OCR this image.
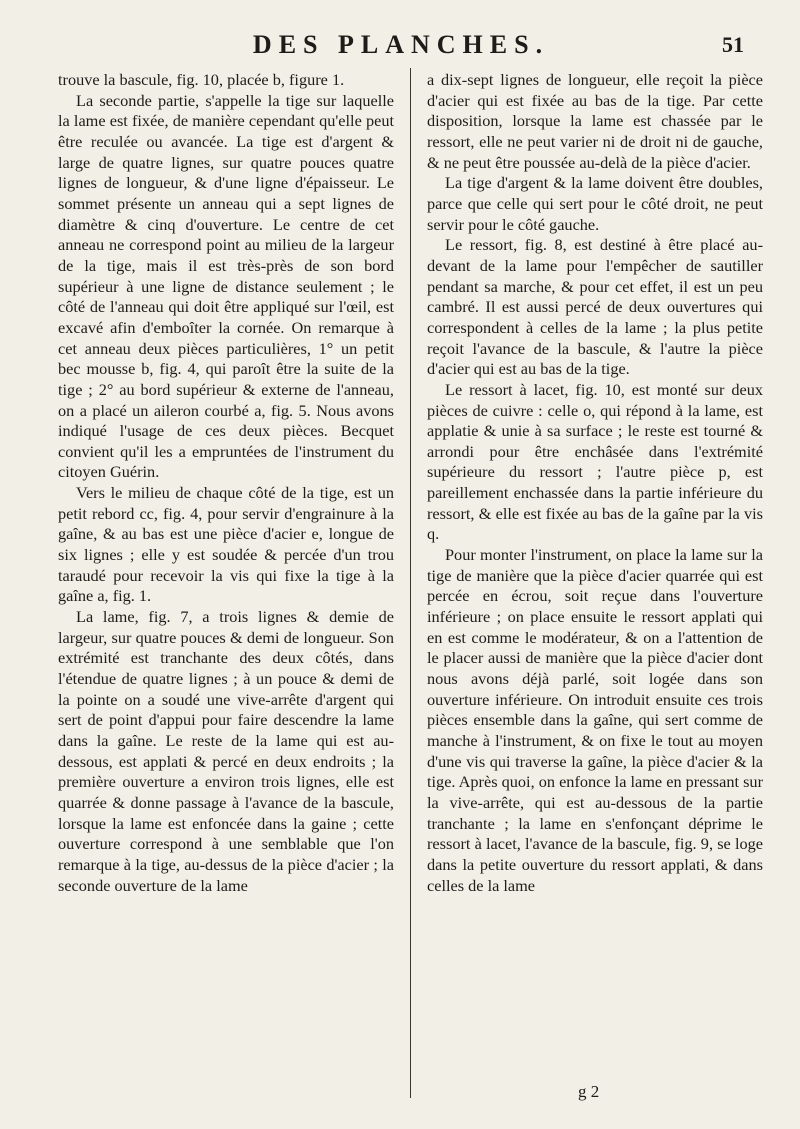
DES PLANCHES.	51

trouve la bascule, fig. 10, placée b, figure 1.

La seconde partie, s'appelle la tige sur laquelle la lame est fixée, de manière cependant qu'elle peut être reculée ou avancée. La tige est d'argent & large de quatre lignes, sur quatre pouces quatre lignes de longueur, & d'une ligne d'épaisseur. Le sommet présente un anneau qui a sept lignes de diamètre & cinq d'ouverture. Le centre de cet anneau ne correspond point au milieu de la largeur de la tige, mais il est très-près de son bord supérieur à une ligne de distance seulement ; le côté de l'anneau qui doit être appliqué sur l'œil, est excavé afin d'emboîter la cornée. On remarque à cet anneau deux pièces particulières, 1° un petit bec mousse b, fig. 4, qui paroît être la suite de la tige ; 2° au bord supérieur & externe de l'anneau, on a placé un aileron courbé a, fig. 5. Nous avons indiqué l'usage de ces deux pièces. Becquet convient qu'il les a empruntées de l'instrument du citoyen Guérin.

Vers le milieu de chaque côté de la tige, est un petit rebord cc, fig. 4, pour servir d'engrainure à la gaîne, & au bas est une pièce d'acier e, longue de six lignes ; elle y est soudée & percée d'un trou taraudé pour recevoir la vis qui fixe la tige à la gaîne a, fig. 1.

La lame, fig. 7, a trois lignes & demie de largeur, sur quatre pouces & demi de longueur. Son extrémité est tranchante des deux côtés, dans l'étendue de quatre lignes ; à un pouce & demi de la pointe on a soudé une vive-arrête d'argent qui sert de point d'appui pour faire descendre la lame dans la gaîne. Le reste de la lame qui est au-dessous, est applati & percé en deux endroits ; la première ouverture a environ trois lignes, elle est quarrée & donne passage à l'avance de la bascule, lorsque la lame est enfoncée dans la gaine ; cette ouverture correspond à une semblable que l'on remarque à la tige, au-dessus de la pièce d'acier ; la seconde ouverture de la lame

a dix-sept lignes de longueur, elle reçoit la pièce d'acier qui est fixée au bas de la tige. Par cette disposition, lorsque la lame est chassée par le ressort, elle ne peut varier ni de droit ni de gauche, & ne peut être poussée au-delà de la pièce d'acier.

La tige d'argent & la lame doivent être doubles, parce que celle qui sert pour le côté droit, ne peut servir pour le côté gauche.

Le ressort, fig. 8, est destiné à être placé au-devant de la lame pour l'empêcher de sautiller pendant sa marche, & pour cet effet, il est un peu cambré. Il est aussi percé de deux ouvertures qui correspondent à celles de la lame ; la plus petite reçoit l'avance de la bascule, & l'autre la pièce d'acier qui est au bas de la tige.

Le ressort à lacet, fig. 10, est monté sur deux pièces de cuivre : celle o, qui répond à la lame, est applatie & unie à sa surface ; le reste est tourné & arrondi pour être enchâsée dans l'extrémité supérieure du ressort ; l'autre pièce p, est pareillement enchassée dans la partie inférieure du ressort, & elle est fixée au bas de la gaîne par la vis q.

Pour monter l'instrument, on place la lame sur la tige de manière que la pièce d'acier quarrée qui est percée en écrou, soit reçue dans l'ouverture inférieure ; on place ensuite le ressort applati qui en est comme le modérateur, & on a l'attention de le placer aussi de manière que la pièce d'acier dont nous avons déjà parlé, soit logée dans son ouverture inférieure. On introduit ensuite ces trois pièces ensemble dans la gaîne, qui sert comme de manche à l'instrument, & on fixe le tout au moyen d'une vis qui traverse la gaîne, la pièce d'acier & la tige. Après quoi, on enfonce la lame en pressant sur la vive-arrête, qui est au-dessous de la partie tranchante ; la lame en s'enfonçant déprime le ressort à lacet, l'avance de la bascule, fig. 9, se loge dans la petite ouverture du ressort applati, & dans celles de la lame

g 2
